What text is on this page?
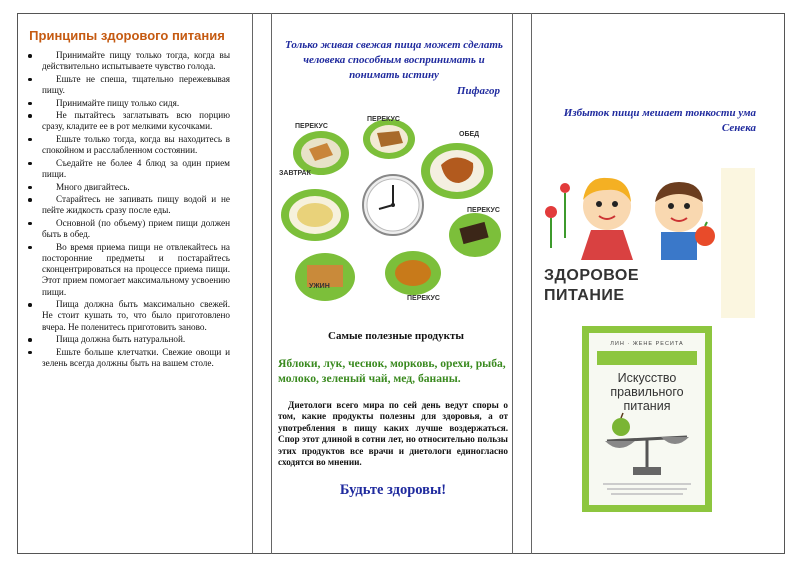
Принципы здорового питания
Принимайте пищу только тогда, когда вы действительно испытываете чувство голода.
Ешьте не спеша, тщательно пережевывая пищу.
Принимайте пищу только сидя.
Не пытайтесь заглатывать всю порцию сразу, кладите ее в рот мелкими кусочками.
Ешьте только тогда, когда вы находитесь в спокойном и расслабленном состоянии.
Съедайте не более 4 блюд за один прием пищи.
Много двигайтесь.
Старайтесь не запивать пищу водой и не пейте жидкость сразу после еды.
Основной (по объему) прием пищи должен быть в обед.
Во время приема пищи не отвлекайтесь на посторонние предметы и постарайтесь сконцентрироваться на процессе приема пищи. Этот прием помогает максимальному усвоению пищи.
Пища должна быть максимально свежей. Не стоит кушать то, что было приготовлено вчера. Не поленитесь приготовить заново.
Пища должна быть натуральной.
Ешьте больше клетчатки. Свежие овощи и зелень всегда должны быть на вашем столе.
Только живая свежая пища может сделать человека способным воспринимать и понимать истину
Пифагор
ПЕРЕКУС
ПЕРЕКУС
ОБЕД
ЗАВТРАК
ПЕРЕКУС
УЖИН
ПЕРЕКУС
Самые полезные продукты
Яблоки, лук, чеснок, морковь, орехи, рыба, молоко, зеленый чай, мед, бананы.
Диетологи всего мира по сей день ведут споры о том, какие продукты полезны для здоровья, а от употребления в пищу каких лучше воздержаться. Спор этот длиной в сотни лет, но относительно пользы этих продуктов все врачи и диетологи единогласно сходятся во мнении.
Будьте здоровы!
Избыток пищи мешает тонкости ума
Сенека
ЗДОРОВОЕ
ПИТАНИЕ
ЛИН · ЖЕНЕ РЕСИТА
Искусство правильного питания
